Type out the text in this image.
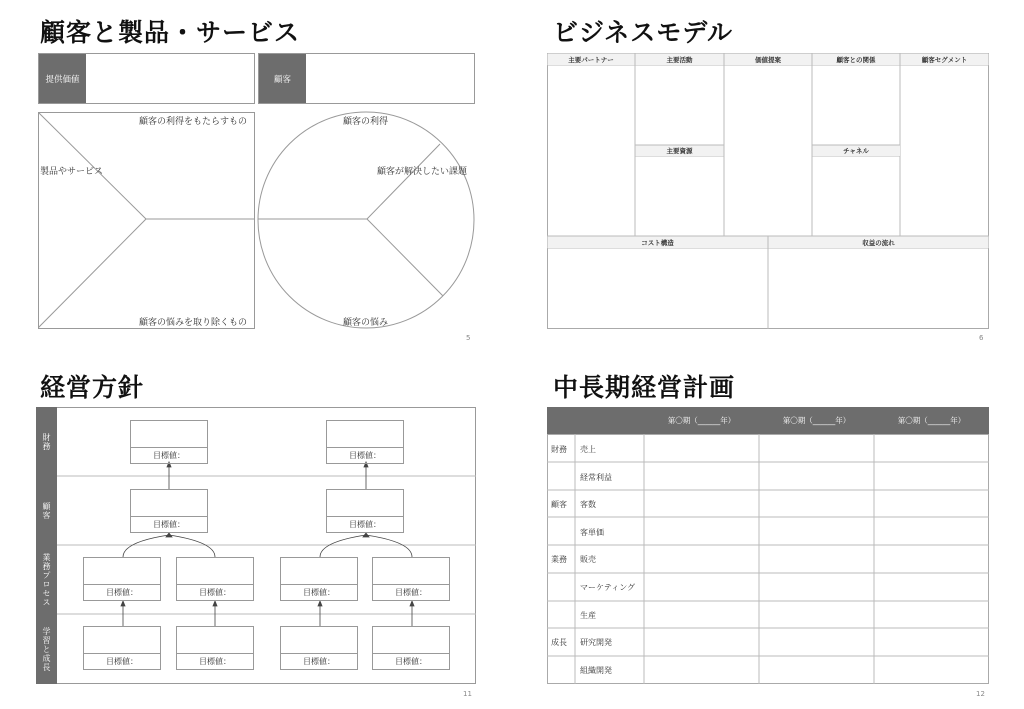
顧客と製品・サービス
提供価値	顧客
顧客の利得をもたらすもの
製品やサービス
顧客の悩みを取り除くもの
顧客の利得
顧客が解決したい課題
顧客の悩み
5
ビジネスモデル
主要パートナー	主要活動	価値提案	顧客との関係	顧客セグメント
主要資源	チャネル
コスト構造	収益の流れ
6
経営方針
財務
顧客
業務プロセス
学習と成長
目標値：	目標値：
目標値：	目標値：
目標値：	目標値：	目標値：	目標値：
目標値：	目標値：	目標値：	目標値：
11
中長期経営計画
第〇期（______年）	第〇期（______年）	第〇期（______年）
財務 売上
経常利益
顧客 客数
客単価
業務 販売
マーケティング
生産
成長 研究開発
組織開発
12
